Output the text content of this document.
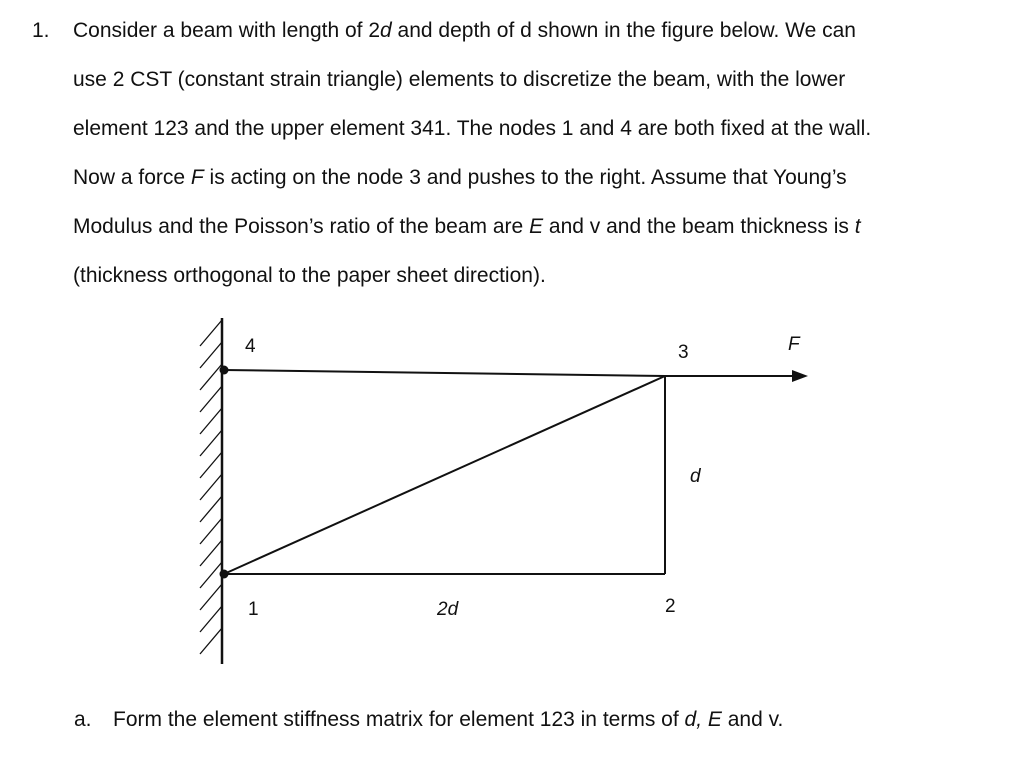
1. Consider a beam with length of 2d and depth of d shown in the figure below. We can
use 2 CST (constant strain triangle) elements to discretize the beam, with the lower
element 123 and the upper element 341. The nodes 1 and 4 are both fixed at the wall.
Now a force F is acting on the node 3 and pushes to the right. Assume that Young’s
Modulus and the Poisson’s ratio of the beam are E and v and the beam thickness is t
(thickness orthogonal to the paper sheet direction).

4	3
1	2
F
d
2d
a. Form the element stiffness matrix for element 123 in terms of d, E and v.
